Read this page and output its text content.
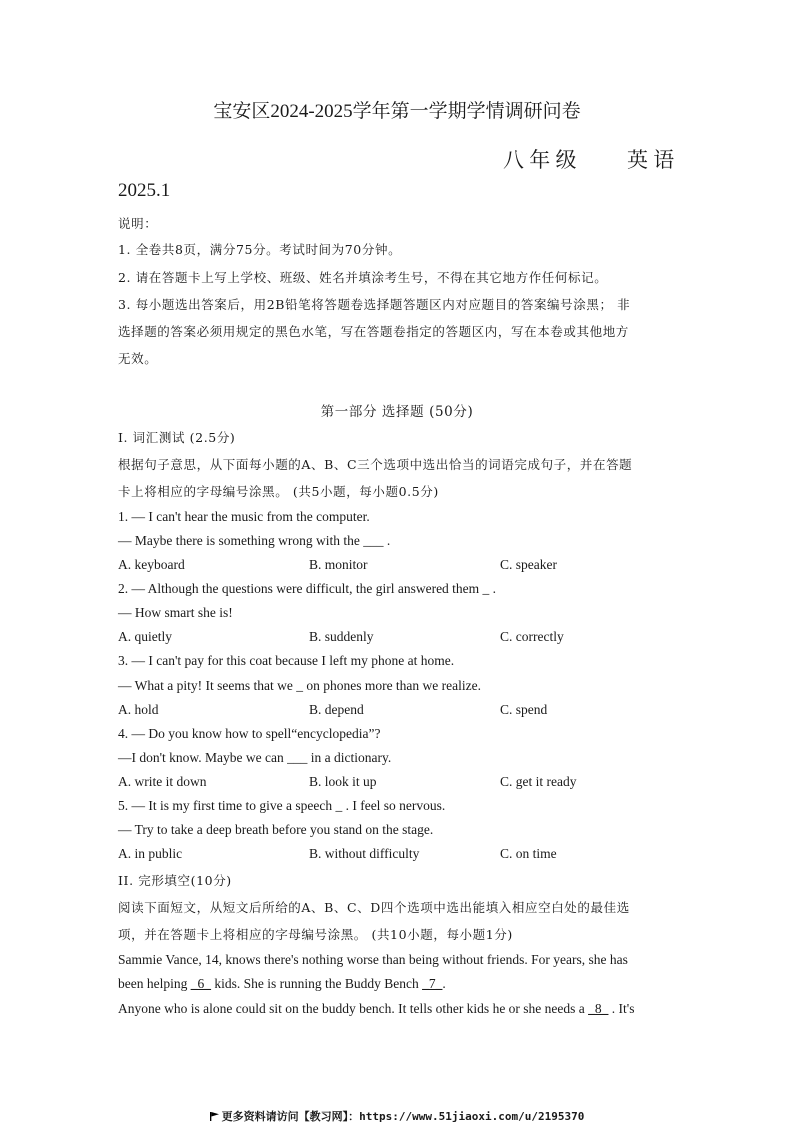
宝安区2024-2025学年第一学期学情调研问卷
八 年 级 英 语
2025.1
说明：
1. 全卷共8页，满分75分。考试时间为70分钟。
2. 请在答题卡上写上学校、班级、姓名并填涂考生号，不得在其它地方作任何标记。
3. 每小题选出答案后，用2B铅笔将答题卷选择题答题区内对应题目的答案编号涂黑； 非
选择题的答案必须用规定的黑色水笔，写在答题卷指定的答题区内，写在本卷或其他地方
无效。
第一部分 选择题 (50分)
I. 词汇测试 (2.5分)
根据句子意思，从下面每小题的A、B、C三个选项中选出恰当的词语完成句子，并在答题
卡上将相应的字母编号涂黑。 (共5小题，每小题0.5分)
1. — I can't hear the music from the computer.
— Maybe there is something wrong with the ___ .
A. keyboard	B. monitor	C. speaker
2. — Although the questions were difficult, the girl answered them _ .
— How smart she is!
A. quietly	B. suddenly	C. correctly
3. — I can't pay for this coat because I left my phone at home.
— What a pity! It seems that we _ on phones more than we realize.
A. hold	B. depend	C. spend
4. — Do you know how to spell“encyclopedia”?
—I don't know. Maybe we can ___ in a dictionary.
A. write it down	B. look it up	C. get it ready
5. — It is my first time to give a speech _ . I feel so nervous.
— Try to take a deep breath before you stand on the stage.
A. in public	B. without difficulty	C. on time
II. 完形填空(10分)
阅读下面短文，从短文后所给的A、B、C、D四个选项中选出能填入相应空白处的最佳选
项，并在答题卡上将相应的字母编号涂黑。 (共10小题，每小题1分)
Sammie Vance, 14, knows there's nothing worse than being without friends. For years, she has
been helping _6_ kids. She is running the Buddy Bench _7_.
Anyone who is alone could sit on the buddy bench. It tells other kids he or she needs a _8_ . It's
更多资料请访问【教习网】：https://www.51jiaoxi.com/u/2195370
